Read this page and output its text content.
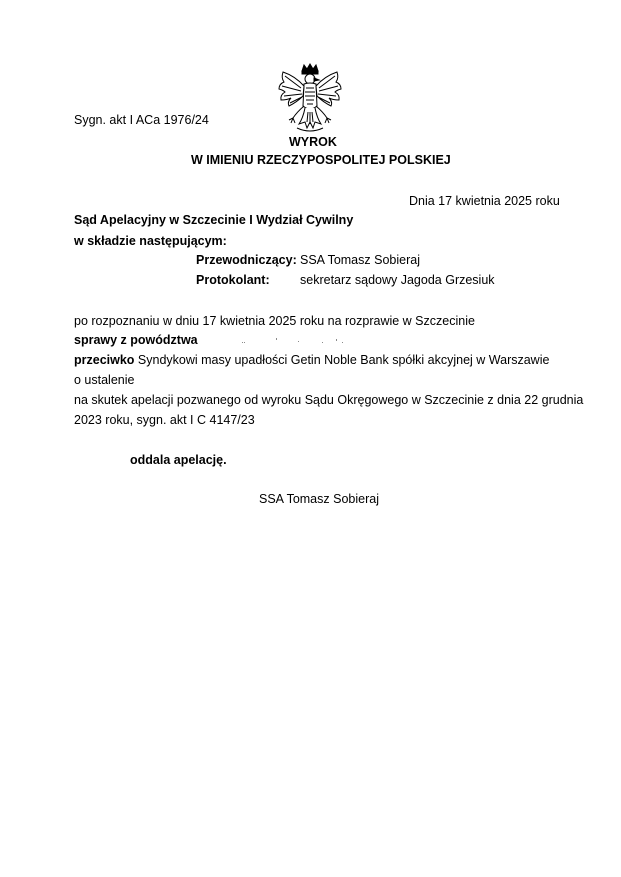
Sygn. akt I ACa 1976/24
WYROK
W IMIENIU RZECZYPOSPOLITEJ POLSKIEJ
Dnia 17 kwietnia 2025 roku
Sąd Apelacyjny w Szczecinie I Wydział Cywilny
w składzie następującym:
Przewodniczący: SSA Tomasz Sobieraj
Protokolant: sekretarz sądowy Jagoda Grzesiuk
po rozpoznaniu w dniu 17 kwietnia 2025 roku na rozprawie w Szczecinie
sprawy z powództwa
przeciwko Syndykowi masy upadłości Getin Noble Bank spółki akcyjnej w Warszawie
o ustalenie
na skutek apelacji pozwanego od wyroku Sądu Okręgowego w Szczecinie z dnia 22 grudnia
2023 roku, sygn. akt I C 4147/23
oddala apelację.
SSA Tomasz Sobieraj
